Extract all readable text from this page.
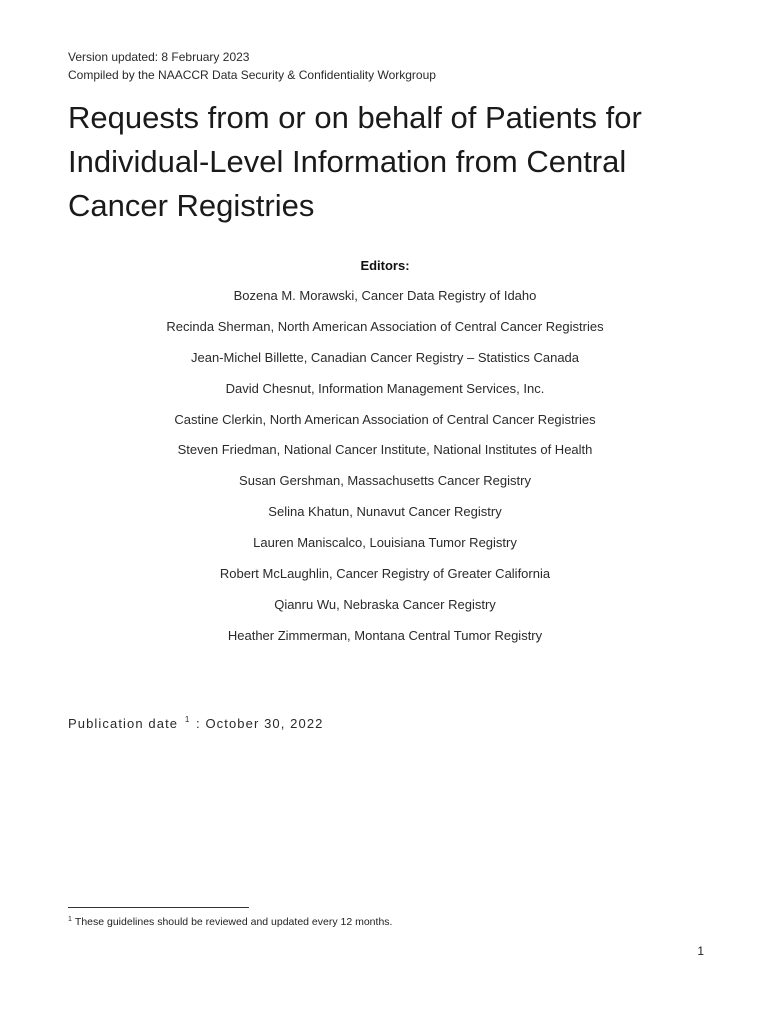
Version updated: 8 February 2023
Compiled by the NAACCR Data Security & Confidentiality Workgroup
Requests from or on behalf of Patients for
Individual-Level Information from Central
Cancer Registries
Editors:
Bozena M. Morawski, Cancer Data Registry of Idaho
Recinda Sherman, North American Association of Central Cancer Registries
Jean-Michel Billette, Canadian Cancer Registry – Statistics Canada
David Chesnut, Information Management Services, Inc.
Castine Clerkin, North American Association of Central Cancer Registries
Steven Friedman, National Cancer Institute, National Institutes of Health
Susan Gershman, Massachusetts Cancer Registry
Selina Khatun, Nunavut Cancer Registry
Lauren Maniscalco, Louisiana Tumor Registry
Robert McLaughlin, Cancer Registry of Greater California
Qianru Wu, Nebraska Cancer Registry
Heather Zimmerman, Montana Central Tumor Registry
Publication date $^1$ : October 30, 2022
$^1$ These guidelines should be reviewed and updated every 12 months.
1
